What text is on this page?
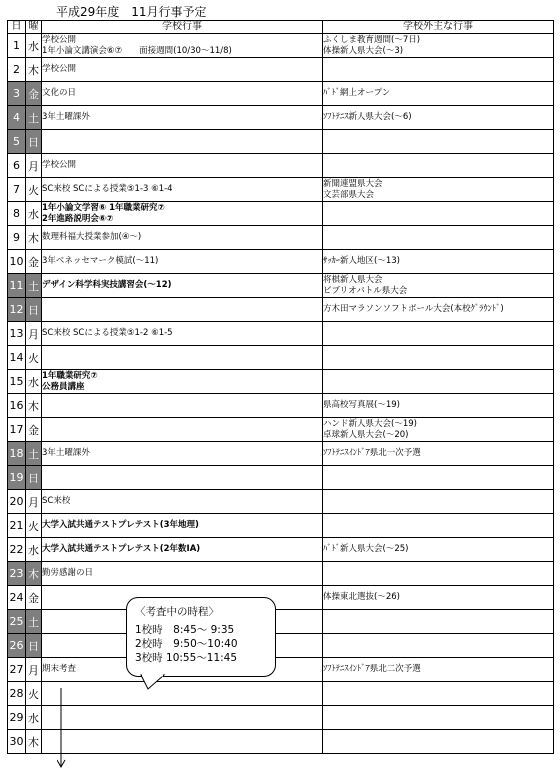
平成29年度　11月行事予定
日	曜	学校行事	学校外主な行事
1	水	学校公開
1年小論文講演会⑥⑦　　面接週間(10/30～11/8)	ふくしま教育週間(～7日)
体操新人県大会(～3)

2	木	学校公開	

3	金	文化の日	ﾊﾞﾄﾞ網上オープン

4	土	3年土曜課外	ｿﾌﾄﾃﾆｽ新人県大会(～6)

5	日		
6	月	学校公開	

7	火	SC来校 SCによる授業⑤1-3 ⑥1-4	新聞連盟県大会
文芸部県大会

8	水	1年小論文学習⑥ 1年職業研究⑦
2年進路説明会⑥⑦	

9	木	数理科福大授業参加(④～)	

10	金	3年ベネッセマーク模試(～11)	ｻｯｶｰ新人地区(～13)

11	土	デザイン科学科実技講習会(～12)	将棋新人県大会
ビブリオバトル県大会

12	日		方木田マラソンソフトボール大会(本校ｸﾞﾗｳﾝﾄﾞ)

13	月	SC来校 SCによる授業⑤1-2 ⑥1-5	

14	火		
15	水	1年職業研究⑦
公務員講座	

16	木		県高校写真展(～19)

17	金		ハンド新人県大会(～19)
卓球新人県大会(～20)

18	土	3年土曜課外	ｿﾌﾄﾃﾆｽｲﾝﾄﾞｱ県北一次予選

19	日		
20	月	SC来校	

21	火	大学入試共通テストプレテスト(3年地理)	

22	水	大学入試共通テストプレテスト(2年数ⅠA)	ﾊﾞﾄﾞ新人県大会(～25)

23	木	勤労感謝の日	

24	金		体操東北選抜(～26)

25	土		
26	日		
27	月	期末考査	ｿﾌﾄﾃﾆｽｲﾝﾄﾞｱ県北二次予選

28	火		
29	水		
30	木		
〈考査中の時程〉
1校時　8:45～ 9:35
2校時　9:50～10:40
3校時 10:55～11:45
